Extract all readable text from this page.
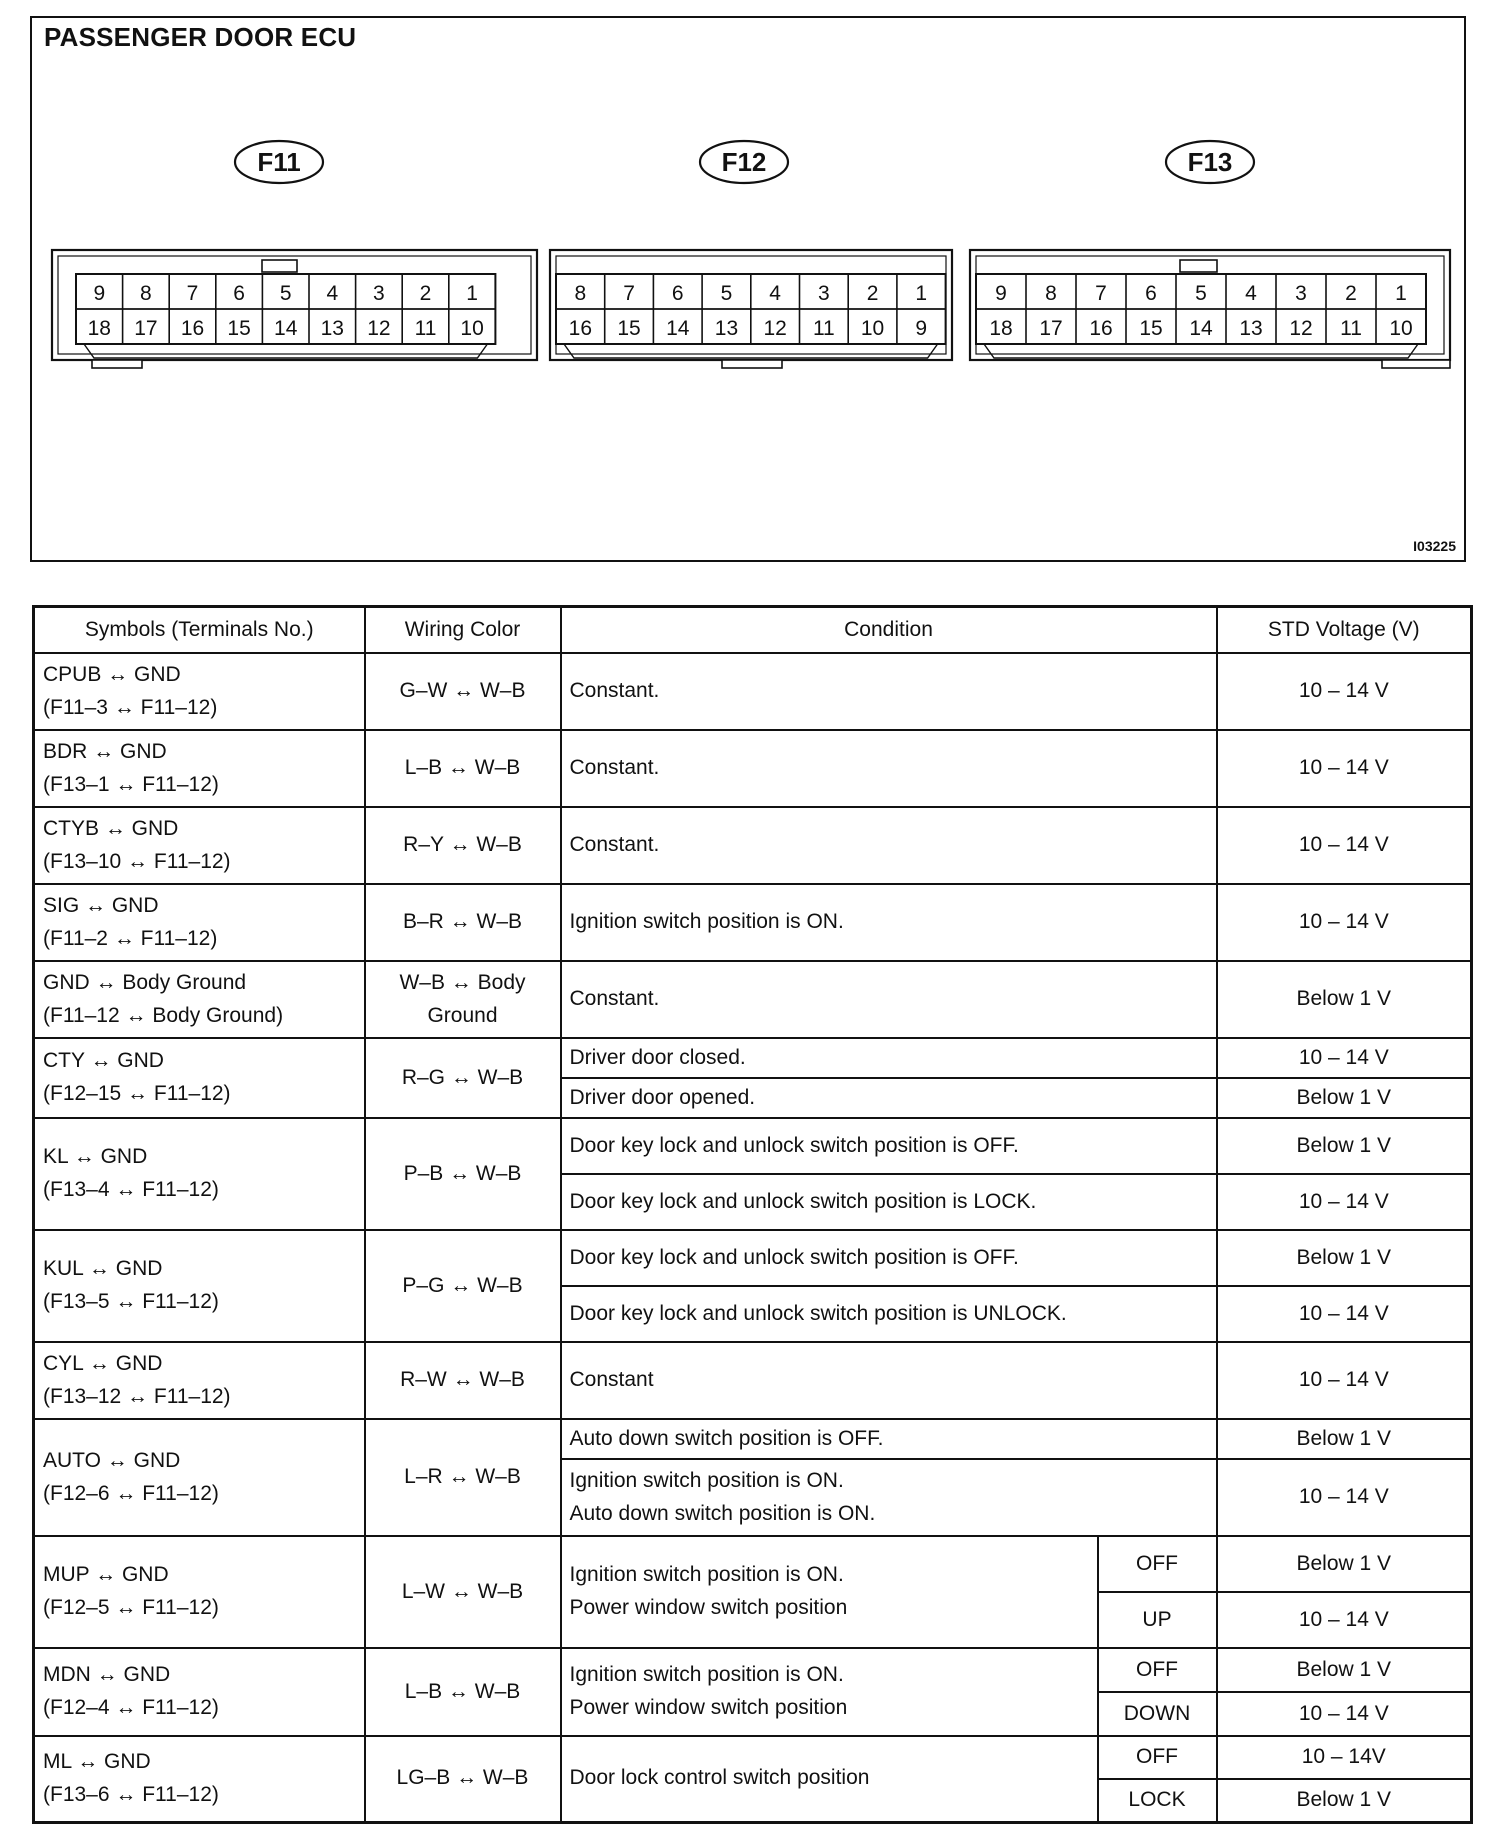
PASSENGER DOOR ECU
F11
9 8 7 6 5 4 3 2 1
18 17 16 15 14 13 12 11 10
F12
8 7 6 5 4 3 2 1
16 15 14 13 12 11 10 9
F13
9 8 7 6 5 4 3 2 1
18 17 16 15 14 13 12 11 10
I03225
Symbols (Terminals No.)	Wiring Color	Condition		STD Voltage (V)

CPUB ↔ GND
(F11–3 ↔ F11–12)	G–W ↔ W–B	Constant.		10 – 14 V

BDR ↔ GND
(F13–1 ↔ F11–12)	L–B ↔ W–B	Constant.		10 – 14 V

CTYB ↔ GND
(F13–10 ↔ F11–12)	R–Y ↔ W–B	Constant.		10 – 14 V

SIG ↔ GND
(F11–2 ↔ F11–12)	B–R ↔ W–B	Ignition switch position is ON.		10 – 14 V

GND ↔ Body Ground
(F11–12 ↔ Body Ground)	W–B ↔ Body Ground	Constant.		Below 1 V

CTY ↔ GND
(F12–15 ↔ F11–12)	R–G ↔ W–B	Driver door closed.		10 – 14 V

		Driver door opened.		Below 1 V

KL ↔ GND
(F13–4 ↔ F11–12)	P–B ↔ W–B	Door key lock and unlock switch position is OFF.		Below 1 V

		Door key lock and unlock switch position is LOCK.		10 – 14 V

KUL ↔ GND
(F13–5 ↔ F11–12)	P–G ↔ W–B	Door key lock and unlock switch position is OFF.		Below 1 V

		Door key lock and unlock switch position is UNLOCK.		10 – 14 V

CYL ↔ GND
(F13–12 ↔ F11–12)	R–W ↔ W–B	Constant		10 – 14 V

AUTO ↔ GND
(F12–6 ↔ F11–12)	L–R ↔ W–B	Auto down switch position is OFF.		Below 1 V

		Ignition switch position is ON.
Auto down switch position is ON.		10 – 14 V

MUP ↔ GND
(F12–5 ↔ F11–12)	L–W ↔ W–B	Ignition switch position is ON.
Power window switch position	OFF	Below 1 V
			UP	10 – 14 V

MDN ↔ GND
(F12–4 ↔ F11–12)	L–B ↔ W–B	Ignition switch position is ON.
Power window switch position	OFF	Below 1 V
			DOWN	10 – 14 V

ML ↔ GND
(F13–6 ↔ F11–12)	LG–B ↔ W–B	Door lock control switch position	OFF	10 – 14V
			LOCK	Below 1 V
